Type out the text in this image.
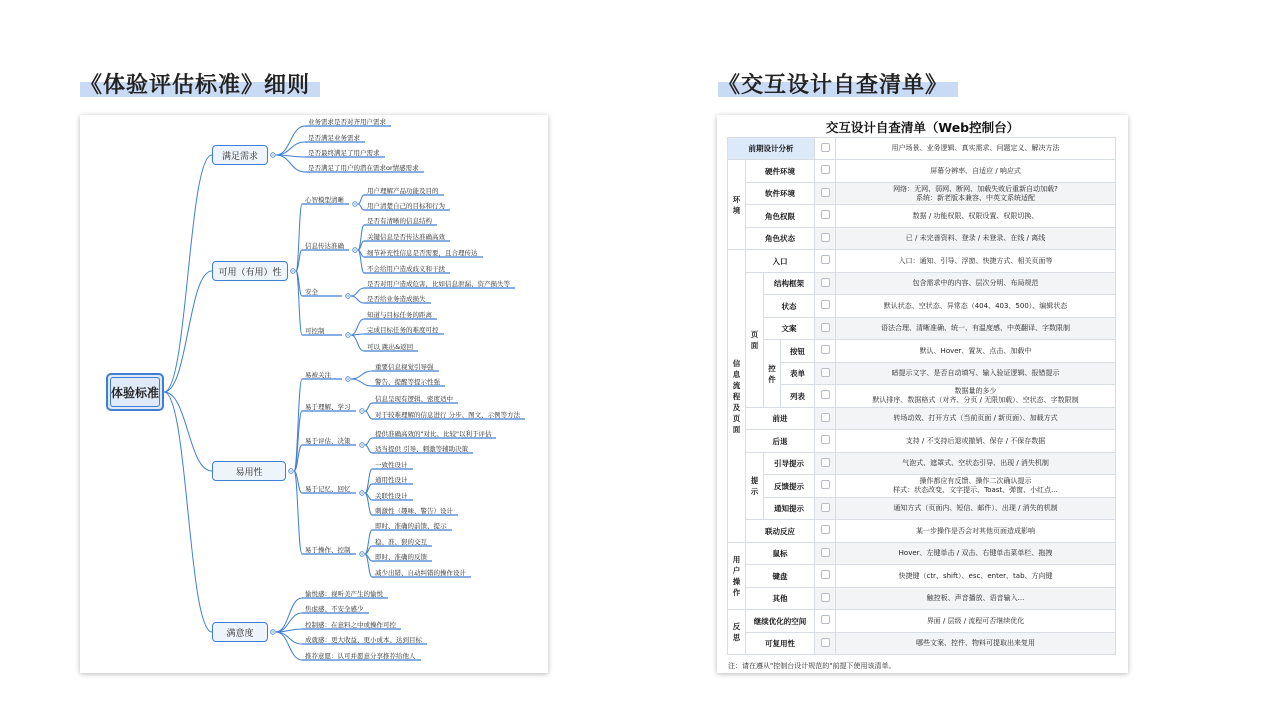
《体验评估标准》细则	《交互设计自查清单》
体验标准
满足需求
可用（有用）性
易用性
满意度
业务需求是否对齐用户需求
是否满足业务需求
是否最终满足了用户需求
是否满足了用户的潜在需求or情感需求
心智模型清晰
用户理解产品功能及目的
用户清楚自己的目标和行为
信息传达准确
是否有清晰的信息结构
关键信息是否传达准确高效
细节补充性信息是否需要，且合理传达
不会给用户造成歧义和干扰
安全
是否对用户造成危害，比如信息泄漏、资产损失等
是否给业务造成损失
可控制
知道与目标任务的距离
完成目标任务的难度可控
可以 跳出&返回
易被关注
重要信息视觉引导强
警告、提醒等提示性强
易于理解、学习
信息呈现有逻辑、密度适中
对于较难理解的信息进行 分步、图文、示例等方法
易于评估、决策
提供准确高效的"对比、比较"以利于评估
适当提供 引导、刺激等辅助决策
易于记忆、回忆
一致性设计
通用性设计
关联性设计
刺激性（趣味、警告）设计
易于操作、控制
即时、准确的前馈、提示
稳、准、狠的交互
即时、准确的反馈
减少出错、自动纠错的操作设计
愉悦感：视听美产生的愉悦
焦虑感、不安全感少
控制感：在意料之中或操作可控
成就感：更大收益、更小成本、达到目标
推荐意愿：认可并愿意分享推荐给他人
交互设计自查清单（Web控制台）
前期设计分析					用户场景、业务逻辑、真实需求、问题定义、解决方法
环境	硬件环境				屏幕分辨率、自适应 / 响应式
	软件环境				网络：无网、弱网、断网、加载失败后重新自动加载?
系统：新老版本兼容、中英文系统适配

	角色权限				数据 / 功能权限、权限设置、权限切换、
	角色状态				已 / 未完善资料、登录 / 未登录、在线 / 离线

信息流程及页面	入口				入口：通知、引导、浮窗、快捷方式、相关页面等
	页面	结构框架			包含需求中的内容、层次分明、布局规范
		状态			默认状态、空状态、异常态（404、403、500）、编辑状态
		文案			语法合理、清晰准确、统一、有温度感、中英翻译、字数限制

		控件	按钮		默认、Hover、置灰、点击、加载中
			表单		暗提示文字、是否自动填写、输入验证逻辑、报错提示
			列表		数据量的多少
默认排序、数据格式（对齐、分页 / 无限加载）、空状态、字数限制

	前进				转场动效、打开方式（当前页面 / 新页面）、加载方式
	后退				支持 / 不支持后退或撤销、保存 / 不保存数据
	提示	引导提示			气泡式、遮罩式、空状态引导、出现 / 消失机制
		反馈提示			操作都应有反馈、操作二次确认提示
样式：状态改变、文字提示、Toast、弹窗、小红点...

		通知提示			通知方式（页面内、短信、邮件）、出现 / 消失的机制
	联动反应				某一步操作是否会对其他页面造成影响

用户操作	鼠标				Hover、左键单击 / 双击、右键单击菜单栏、拖拽
	键盘				快捷键（ctr、shift）、esc、enter、tab、方向键
	其他				触控板、声音播放、语音输入...
反思	继续优化的空间				界面 / 层级 / 流程可否继续优化
	可复用性				哪些文案、控件、物料可提取出来复用
注：请在遵从"控制台设计规范的"前提下使用该清单。
